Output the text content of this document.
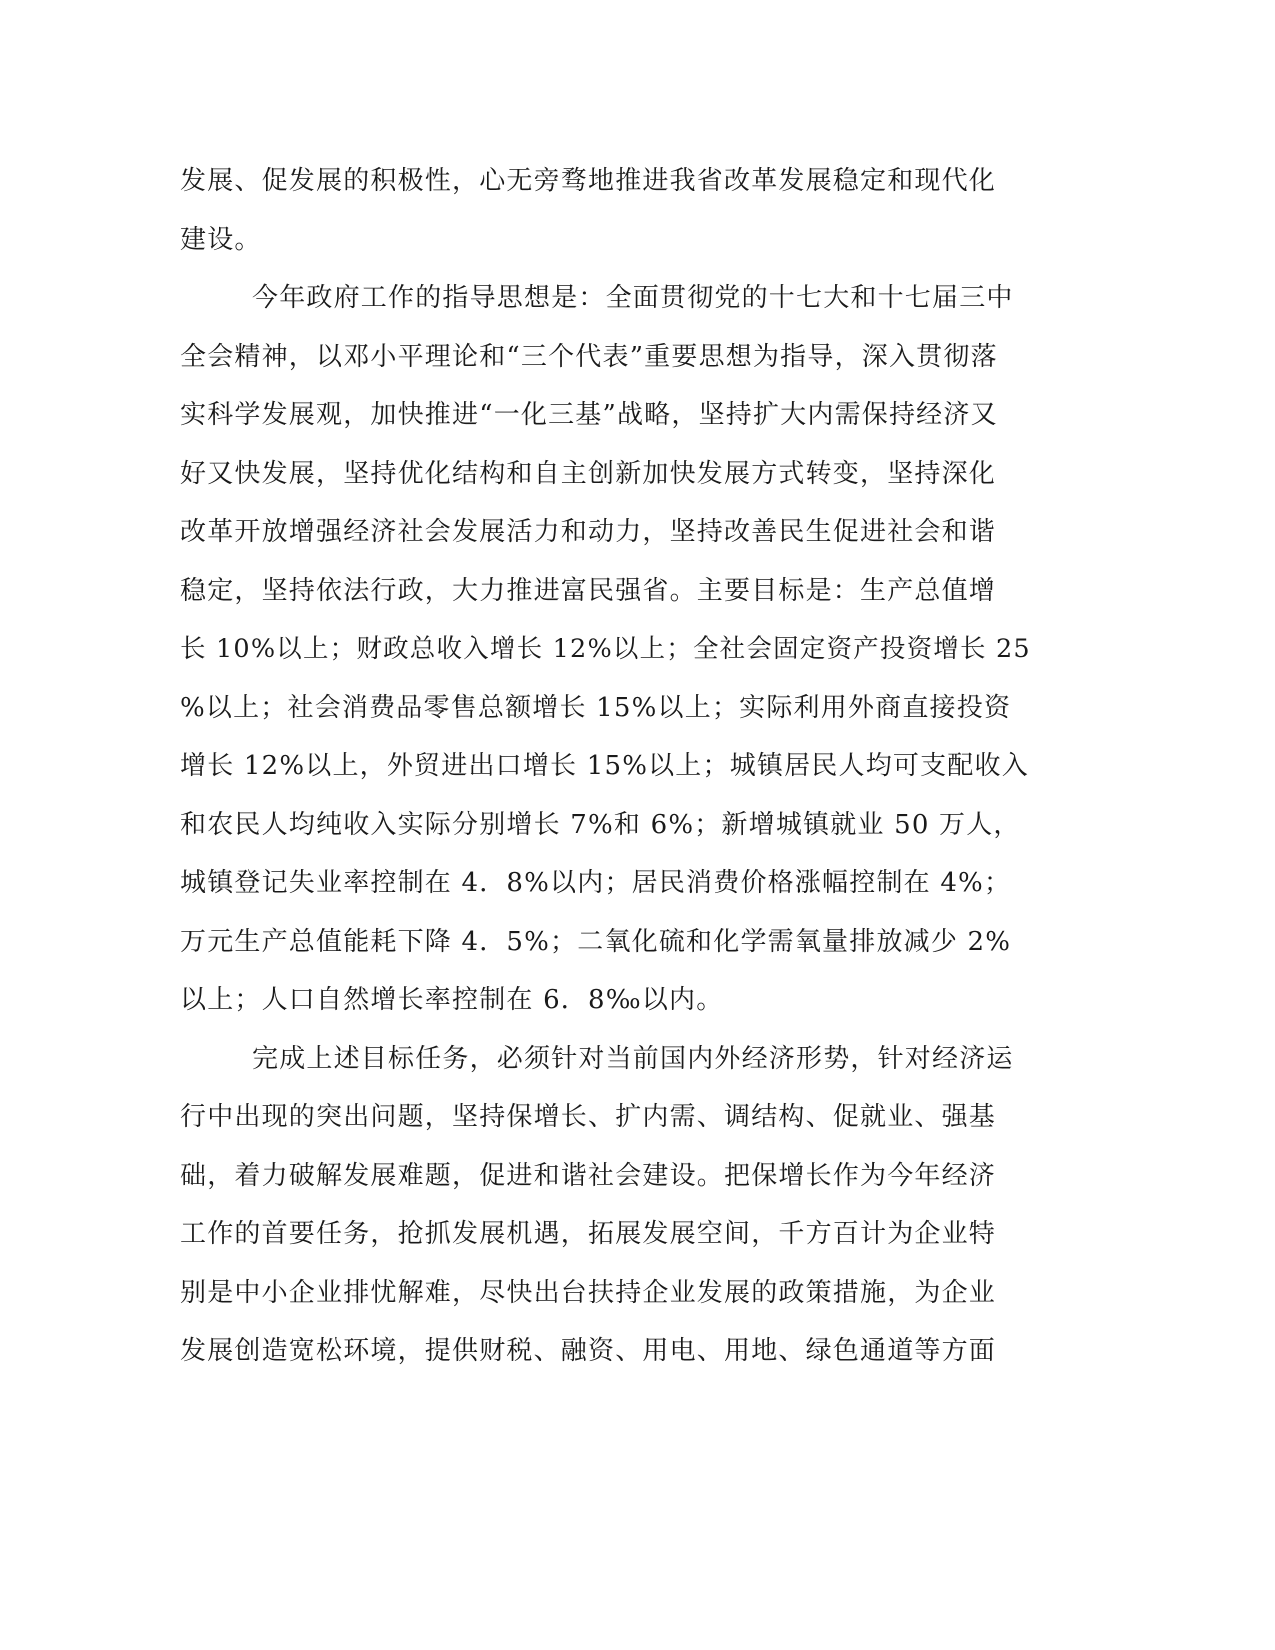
发展、促发展的积极性，心无旁骛地推进我省改革发展稳定和现代化
建设。
今年政府工作的指导思想是：全面贯彻党的十七大和十七届三中
全会精神，以邓小平理论和“三个代表”重要思想为指导，深入贯彻落
实科学发展观，加快推进“一化三基”战略，坚持扩大内需保持经济又
好又快发展，坚持优化结构和自主创新加快发展方式转变，坚持深化
改革开放增强经济社会发展活力和动力，坚持改善民生促进社会和谐
稳定，坚持依法行政，大力推进富民强省。主要目标是：生产总值增
长 10%以上；财政总收入增长 12%以上；全社会固定资产投资增长 25
%以上；社会消费品零售总额增长 15%以上；实际利用外商直接投资
增长 12%以上，外贸进出口增长 15%以上；城镇居民人均可支配收入
和农民人均纯收入实际分别增长 7%和 6%；新增城镇就业 50 万人，
城镇登记失业率控制在 4．8%以内；居民消费价格涨幅控制在 4%；
万元生产总值能耗下降 4．5%；二氧化硫和化学需氧量排放减少 2%
以上；人口自然增长率控制在 6．8‰以内。
完成上述目标任务，必须针对当前国内外经济形势，针对经济运
行中出现的突出问题，坚持保增长、扩内需、调结构、促就业、强基
础，着力破解发展难题，促进和谐社会建设。把保增长作为今年经济
工作的首要任务，抢抓发展机遇，拓展发展空间，千方百计为企业特
别是中小企业排忧解难，尽快出台扶持企业发展的政策措施，为企业
发展创造宽松环境，提供财税、融资、用电、用地、绿色通道等方面
